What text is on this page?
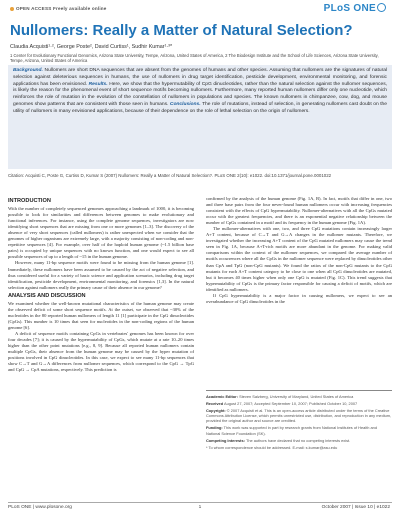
OPEN ACCESS Freely available online	PLoS ONE
Nullomers: Really a Matter of Natural Selection?
Claudia Acquisti¹·², George Poste², David Curtiss¹, Sudhir Kumar¹·³*
1 Center for Evolutionary Functional Genomics, Arizona State University, Tempe, Arizona, United States of America, 2 The Biodesign Institute and the School of Life Sciences, Arizona State University, Tempe, Arizona, United States of America

Background. Nullomers are short DNA sequences that are absent from the genomes of humans and other species. Assuming that nullomers are the signatures of natural selection against deleterious sequences in humans, the use of nullomers in drug target identification, pesticide development, environmental monitoring, and forensic applications has been envisioned. Results. Here, we show that the hypermutability of CpG dinucleotides, rather than the natural selection against the nullomer sequences, is likely the reason for the phenomenal event of short sequence motifs becoming nullomers. Furthermore, many reported human nullomers differ only one nucleotide, which reinforces the role of mutation in the evolution of the constellation of nullomers in populations and species. The known nullomers in chimpanzee, cow, dog, and mouse genomes show patterns that are consistent with those seen in humans. Conclusions. The role of mutations, instead of selection, in generating nullomers cast doubt on the utility of nullomers in many envisioned applications, because of their dependence on the role of lethal selection on the origin of nullomers.

Citation: Acquisti C, Poste G, Curtiss D, Kumar S (2007) Nullomers: Really a Matter of Natural Selection?. PLoS ONE 2(10): e1022. doi:10.1371/journal.pone.0001022
INTRODUCTION

With the number of completely sequenced genomes approaching a landmark of 1000, it is becoming possible to look for similarities and differences between genomes to make evolutionary and functional inferences. For instance, using the complete genome sequences, investigators are now identifying short sequences that are missing from one or more genomes [1–3]. The discovery of the absence of very short sequences (called nullomers) is rather unexpected when we consider that the genomes of higher organisms are extremely large, with a majority consisting of non-coding and non-repetitive sequences [4]. For example, over half of the haploid human genome (~1.5 billion base pairs) is occupied by unique sequences with no known function, and one would expect to see all possible sequences of up to a length of ~15 in the human genome.

However, many 11-bp sequence motifs were found to be missing from the human genome [1]. Immediately, these nullomers have been assumed to be caused by the act of negative selection, and thus considered useful for a variety of basic science and application scenarios, including drug target identification, pesticide development, environmental monitoring, and forensics [1,3]. In the natural selection against nullomers really the primary cause of their absence in our genome?

ANALYSIS AND DISCUSSION

We examined whether the well-known mutational characteristics of the human genome may create the observed deficit of some short sequence motifs. At the outset, we observed that ~30% of the nucleotides in the 80 reported human nullomers of length 11 [1] participate in the CpG dinucleotides (CpGs). This number is 10 times that seen for nucleotides in the non-coding regions of the human genome [6].

A deficit of sequence motifs containing CpGs in vertebrates' genomes has been known for over four decades [7]; it is caused by the hypermutability of CpGs, which mutate at a rate 10–20 times higher than the other point mutations [e.g., 8, 9]. Because all reported human nullomers contain multiple CpGs, their absence from the human genome may be caused by the hyper mutation of positions involved in CpG dinucleotides. In this case, we expect to see many 11-bp sequences that show C→T and G→A differences from nullomer sequences, which correspond to the CpG → TpG and CpG → CpA mutations, respectively. This prediction is

confirmed by the analysis of the human genome (Fig. 1A, B). In fact, motifs that differ in one, two and three base pairs from the four never-found human nullomers occur with increasing frequencies consistent with the effects of CpG hypermutability. Nullomer-alternatives with all the CpGs mutated occur with the greatest frequencies, and there is an exponential negative relationship between the number of CpGs contained in a motif and its frequency in the human genome (Fig. 1A).

The nullomer-alternatives with one, two, and three CpG mutations contain increasingly larger A+T content, because of C→T and G→A changes in the nullomer mutants. Therefore, we investigated whether the increasing A+T content of the CpG mutated nullomers may cause the trend seen in Fig. 1A, because A+T-rich motifs are more abundant in the genome. For making valid comparisons within the context of the nullomer sequences, we compared the average number of motifs occurrences where all the CpGs in the nullomer sequence were replaced by dinucleotides other than CpA and TpG (non-CpG mutants). We found the ratios of the non-CpG mutants to the CpG mutants for each A+T content category to be close to one when all CpG dinucleotides are mutated, but it becomes 40 times higher when only one CpG is mutated (Fig. 1C). This trend suggests that hypermutability of CpGs is the primary factor responsible for causing a deficit of motifs, which are identified as nullomers.

If CpG hypermutability is a major factor in causing nullomers, we expect to see an overabundance of CpG dinucleotides in the

Academic Editor: Steven Salzberg, University of Maryland, United States of America

Received August 27, 2007; Accepted September 10, 2007; Published October 10, 2007

Copyright: © 2007 Acquisti et al. This is an open-access article distributed under the terms of the Creative Commons Attribution License, which permits unrestricted use, distribution, and reproduction in any medium, provided the original author and source are credited.

Funding: This work was supported in part by research grants from National Institutes of Health and National Science Foundation (SK).

Competing Interests: The authors have declared that no competing interests exist.

* To whom correspondence should be addressed. E-mail: s.kumar@asu.edu

PLoS ONE | www.plosone.org	1	October 2007 | Issue 10 | e1022
